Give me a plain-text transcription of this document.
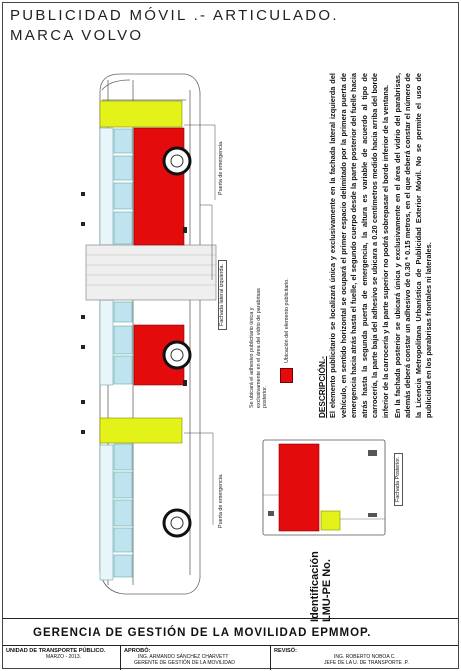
PUBLICIDAD MÓVIL .- ARTICULADO.
MARCA VOLVO
Puerta de emergencia.
Fachada lateral izquierda.
Puerta de emergencia.	Fachada Posterior.
Se ubicará el adhesivo publicitario única y exclusivamente en el área del vidrio de parabrisas posterior.
Ubicación del elemento publicitario.
Identificación LMU-PE No.
DESCRIPCIÓN.- El elemento publicitario se localizará única y exclusivamente en la fachada lateral izquierda del vehículo, en sentido horizontal se ocupará el primer espacio delimitado por la primera puerta de emergencia hacia atrás hasta el fuelle, el segundo cuerpo desde la parte posterior del fuelle hacia atrás hasta la segunda puerta de emergencia, la altura es variable de acuerdo al tipo de carrocería, la parte baja del adhesivo se ubicara a 0.20 centímetros medido hacia arriba del borde inferior de la carrocería y la parte superior no podrá sobrepasar el borde inferior de la ventana. En la fachada posterior se ubicará única y exclusivamente en el área del vidrio del parabrisas, además deberá constar un adhesivo de 0.30 * 0.15 metros, en el que deberá constar el número de la Licencia Metropolitana Urbanística de Publicidad Exterior Móvil. No se permite el uso de publicidad en los parabrisas frontales ni laterales.

GERENCIA DE GESTIÓN DE LA MOVILIDAD EPMMOP.
UNIDAD DE TRANSPORTE PÚBLICO.
MARZO - 2013.
APROBÓ:
ING. ARMANDO SÁNCHEZ CHARVETT
GERENTE DE GESTIÓN DE LA MOVILIDAD
REVISÓ:
ING. ROBERTO NOBOA C.
JEFE DE LA U. DE TRANSPORTE .P.
